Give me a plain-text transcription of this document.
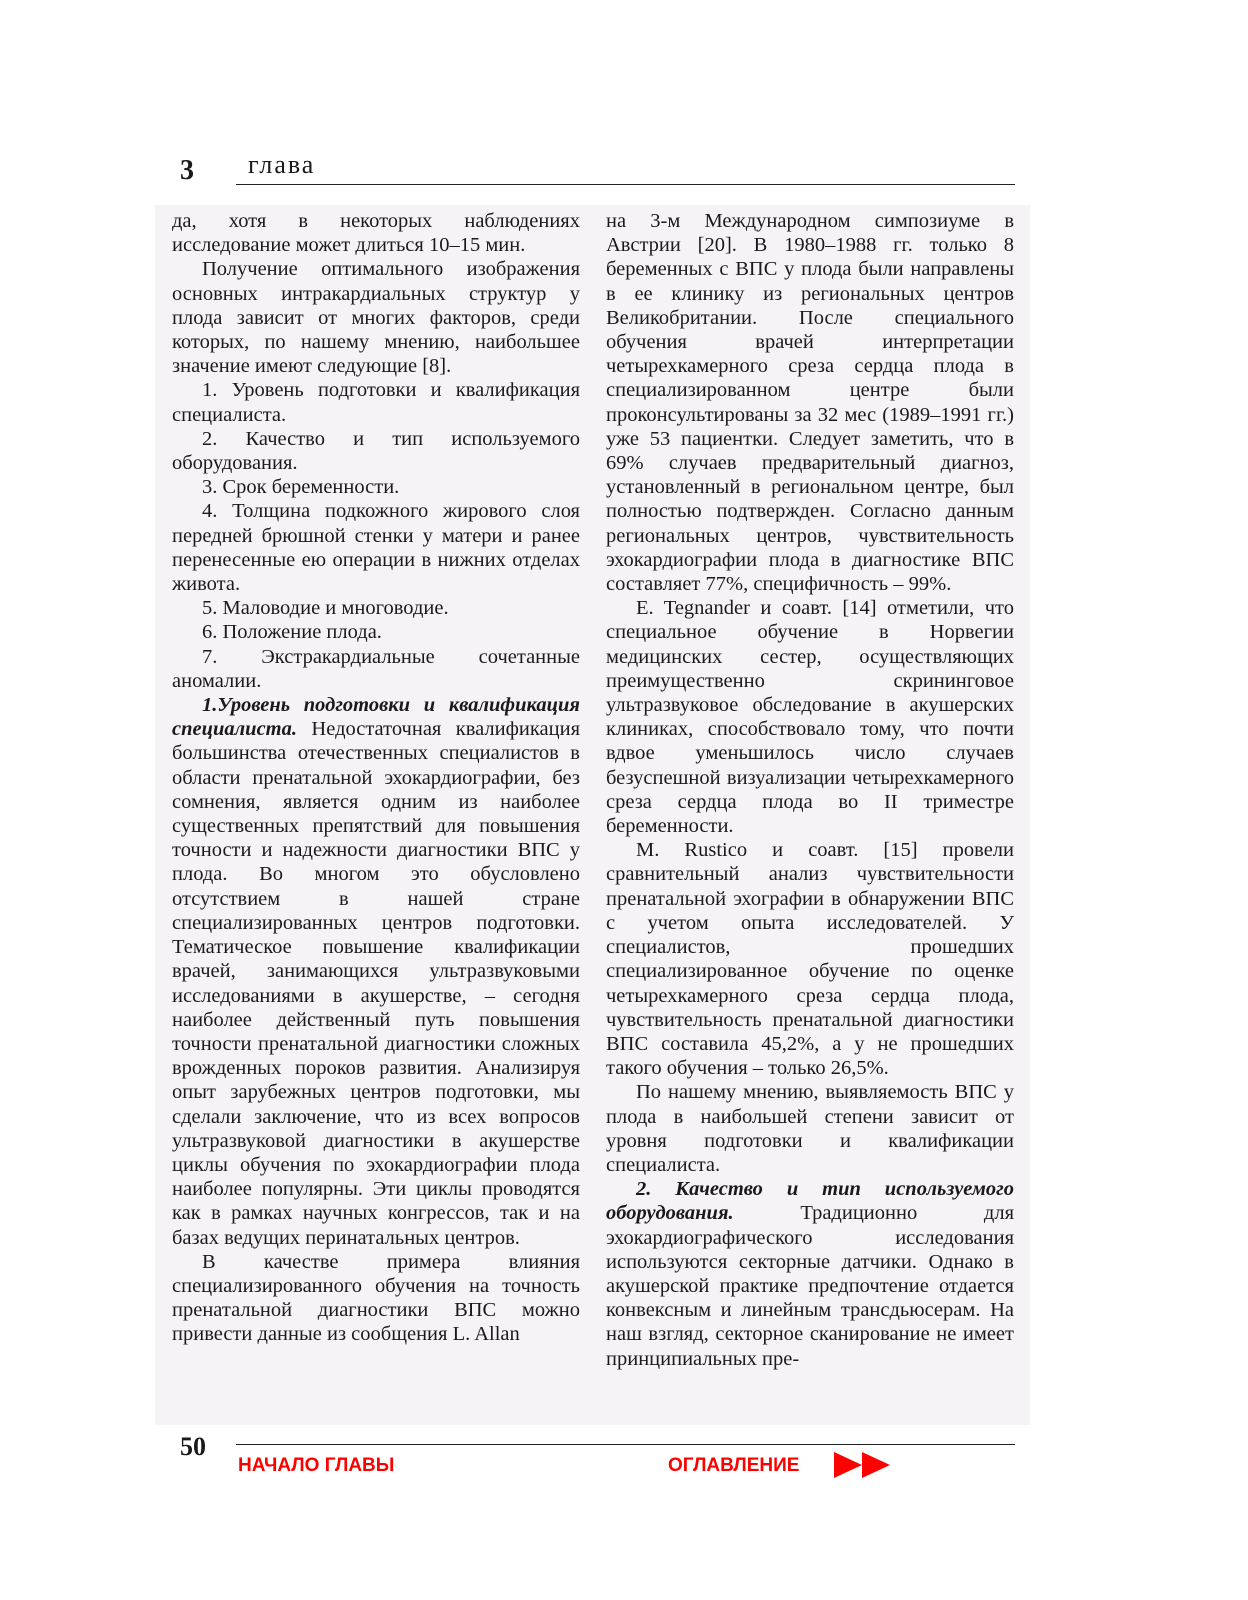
3 глава

да, хотя в некоторых наблюдениях исследование может длиться 10–15 мин.

Получение оптимального изображения основных интракардиальных структур у плода зависит от многих факторов, среди которых, по нашему мнению, наибольшее значение имеют следующие [8].

1. Уровень подготовки и квалификация специалиста.

2. Качество и тип используемого оборудования.

3. Срок беременности.

4. Толщина подкожного жирового слоя передней брюшной стенки у матери и ранее перенесенные ею операции в нижних отделах живота.

5. Маловодие и многоводие.

6. Положение плода.

7. Экстракардиальные сочетанные аномалии.

1.Уровень подготовки и квалификация специалиста. Недостаточная квалификация большинства отечественных специалистов в области пренатальной эхокардиографии, без сомнения, является одним из наиболее существенных препятствий для повышения точности и надежности диагностики ВПС у плода. Во многом это обусловлено отсутствием в нашей стране специализированных центров подготовки. Тематическое повышение квалификации врачей, занимающихся ультразвуковыми исследованиями в акушерстве, – сегодня наиболее действенный путь повышения точности пренатальной диагностики сложных врожденных пороков развития. Анализируя опыт зарубежных центров подготовки, мы сделали заключение, что из всех вопросов ультразвуковой диагностики в акушерстве циклы обучения по эхокардиографии плода наиболее популярны. Эти циклы проводятся как в рамках научных конгрессов, так и на базах ведущих перинатальных центров.

В качестве примера влияния специализированного обучения на точность пренатальной диагностики ВПС можно привести данные из сообщения L. Allan

на 3-м Международном симпозиуме в Австрии [20]. В 1980–1988 гг. только 8 беременных с ВПС у плода были направлены в ее клинику из региональных центров Великобритании. После специального обучения врачей интерпретации четырехкамерного среза сердца плода в специализированном центре были проконсультированы за 32 мес (1989–1991 гг.) уже 53 пациентки. Следует заметить, что в 69% случаев предварительный диагноз, установленный в региональном центре, был полностью подтвержден. Согласно данным региональных центров, чувствительность эхокардиографии плода в диагностике ВПС составляет 77%, специфичность – 99%.

E. Tegnander и соавт. [14] отметили, что специальное обучение в Норвегии медицинских сестер, осуществляющих преимущественно скрининговое ультразвуковое обследование в акушерских клиниках, способствовало тому, что почти вдвое уменьшилось число случаев безуспешной визуализации четырехкамерного среза сердца плода во II триместре беременности.

M. Rustico и соавт. [15] провели сравнительный анализ чувствительности пренатальной эхографии в обнаружении ВПС с учетом опыта исследователей. У специалистов, прошедших специализированное обучение по оценке четырехкамерного среза сердца плода, чувствительность пренатальной диагностики ВПС составила 45,2%, а у не прошедших такого обучения – только 26,5%.

По нашему мнению, выявляемость ВПС у плода в наибольшей степени зависит от уровня подготовки и квалификации специалиста.

2. Качество и тип используемого оборудования. Традиционно для эхокардиографического исследования используются секторные датчики. Однако в акушерской практике предпочтение отдается конвексным и линейным трансдьюсерам. На наш взгляд, секторное сканирование не имеет принципиальных пре-

50
НАЧАЛО ГЛАВЫ	ОГЛАВЛЕНИЕ
